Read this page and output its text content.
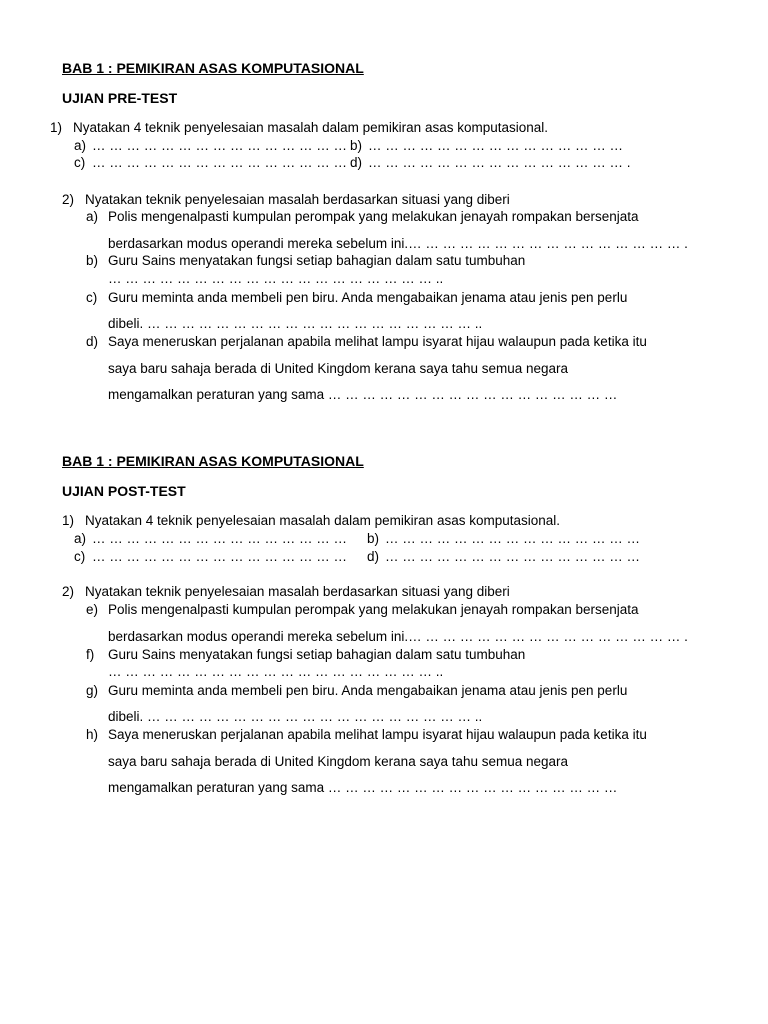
BAB 1 : PEMIKIRAN ASAS KOMPUTASIONAL
UJIAN PRE-TEST
1) Nyatakan 4 teknik penyelesaian masalah dalam pemikiran asas komputasional.
a) … … … … … … … … … … … … … … … b) … … … … … … … … … … … … … … …
c) … … … … … … … … … … … … … … … d) … … … … … … … … … … … … … … … .
2) Nyatakan teknik penyelesaian masalah berdasarkan situasi yang diberi
a) Polis mengenalpasti kumpulan perompak yang melakukan jenayah rompakan bersenjata
berdasarkan modus operandi mereka sebelum ini.… … … … … … … … … … … … … … … … .
b) Guru Sains menyatakan fungsi setiap bahagian dalam satu tumbuhan
… … … … … … … … … … … … … … … … … … … ..
c) Guru meminta anda membeli pen biru. Anda mengabaikan jenama atau jenis pen perlu
dibeli. … … … … … … … … … … … … … … … … … … … ..
d) Saya meneruskan perjalanan apabila melihat lampu isyarat hijau walaupun pada ketika itu
saya baru sahaja berada di United Kingdom kerana saya tahu semua negara
mengamalkan peraturan yang sama … … … … … … … … … … … … … … … … …
BAB 1 : PEMIKIRAN ASAS KOMPUTASIONAL
UJIAN POST-TEST
1) Nyatakan 4 teknik penyelesaian masalah dalam pemikiran asas komputasional.
a) … … … … … … … … … … … … … … … b) … … … … … … … … … … … … … … …
c) … … … … … … … … … … … … … … … d) … … … … … … … … … … … … … … …
2) Nyatakan teknik penyelesaian masalah berdasarkan situasi yang diberi
e) Polis mengenalpasti kumpulan perompak yang melakukan jenayah rompakan bersenjata
berdasarkan modus operandi mereka sebelum ini.… … … … … … … … … … … … … … … … .
f) Guru Sains menyatakan fungsi setiap bahagian dalam satu tumbuhan
… … … … … … … … … … … … … … … … … … … ..
g) Guru meminta anda membeli pen biru. Anda mengabaikan jenama atau jenis pen perlu
dibeli. … … … … … … … … … … … … … … … … … … … ..
h) Saya meneruskan perjalanan apabila melihat lampu isyarat hijau walaupun pada ketika itu
saya baru sahaja berada di United Kingdom kerana saya tahu semua negara
mengamalkan peraturan yang sama … … … … … … … … … … … … … … … … …
